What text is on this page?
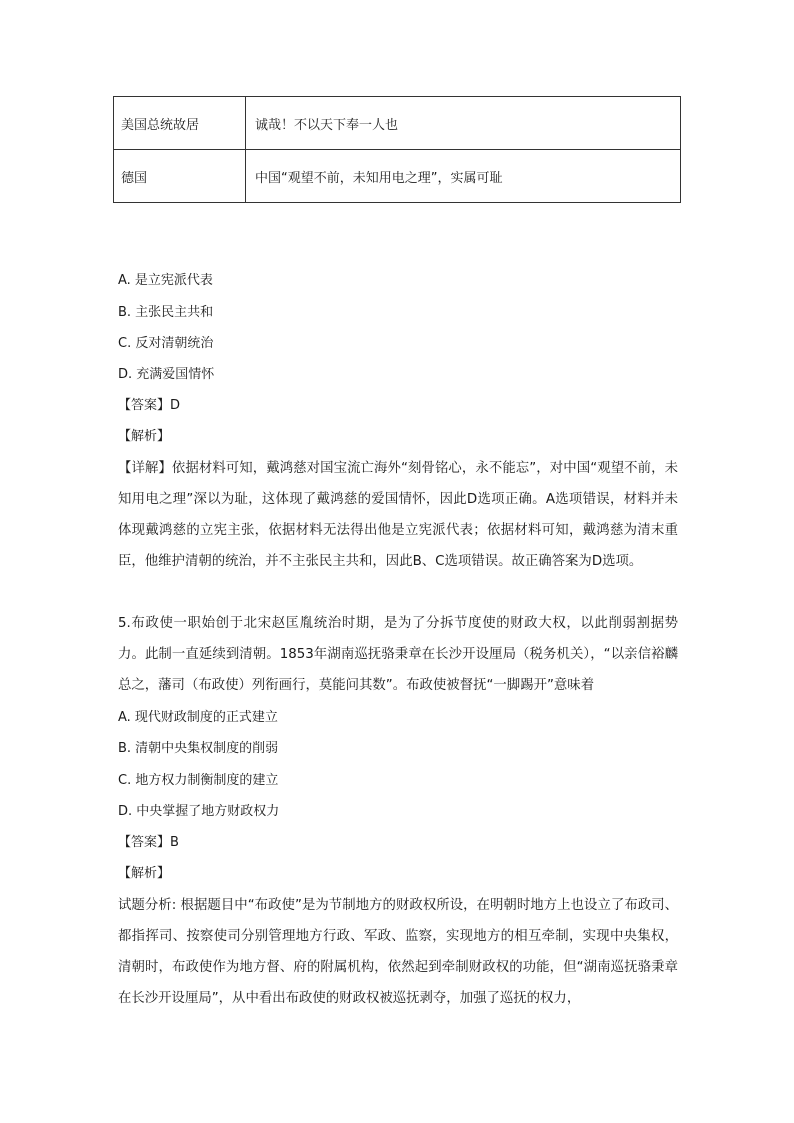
美国总统故居	诚哉！不以天下奉一人也
德国	中国“观望不前，未知用电之理”，实属可耻
A. 是立宪派代表
B. 主张民主共和
C. 反对清朝统治
D. 充满爱国情怀
【答案】D
【解析】
【详解】依据材料可知，戴鸿慈对国宝流亡海外“刻骨铭心，永不能忘”，对中国“观望不前，未知用电之理”深以为耻，这体现了戴鸿慈的爱国情怀，因此D选项正确。A选项错误，材料并未体现戴鸿慈的立宪主张，依据材料无法得出他是立宪派代表；依据材料可知，戴鸿慈为清末重臣，他维护清朝的统治，并不主张民主共和，因此B、C选项错误。故正确答案为D选项。
5.布政使一职始创于北宋赵匡胤统治时期，是为了分拆节度使的财政大权，以此削弱割据势力。此制一直延续到清朝。1853年湖南巡抚骆秉章在长沙开设厘局（税务机关），“以亲信裕麟总之，藩司（布政使）列衔画行，莫能问其数”。布政使被督抚“一脚踢开”意味着
A. 现代财政制度的正式建立
B. 清朝中央集权制度的削弱
C. 地方权力制衡制度的建立
D. 中央掌握了地方财政权力
【答案】B
【解析】
试题分析: 根据题目中“布政使”是为节制地方的财政权所设，在明朝时地方上也设立了布政司、都指挥司、按察使司分别管理地方行政、军政、监察，实现地方的相互牵制，实现中央集权，清朝时，布政使作为地方督、府的附属机构，依然起到牵制财政权的功能，但“湖南巡抚骆秉章在长沙开设厘局”，从中看出布政使的财政权被巡抚剥夺，加强了巡抚的权力，
